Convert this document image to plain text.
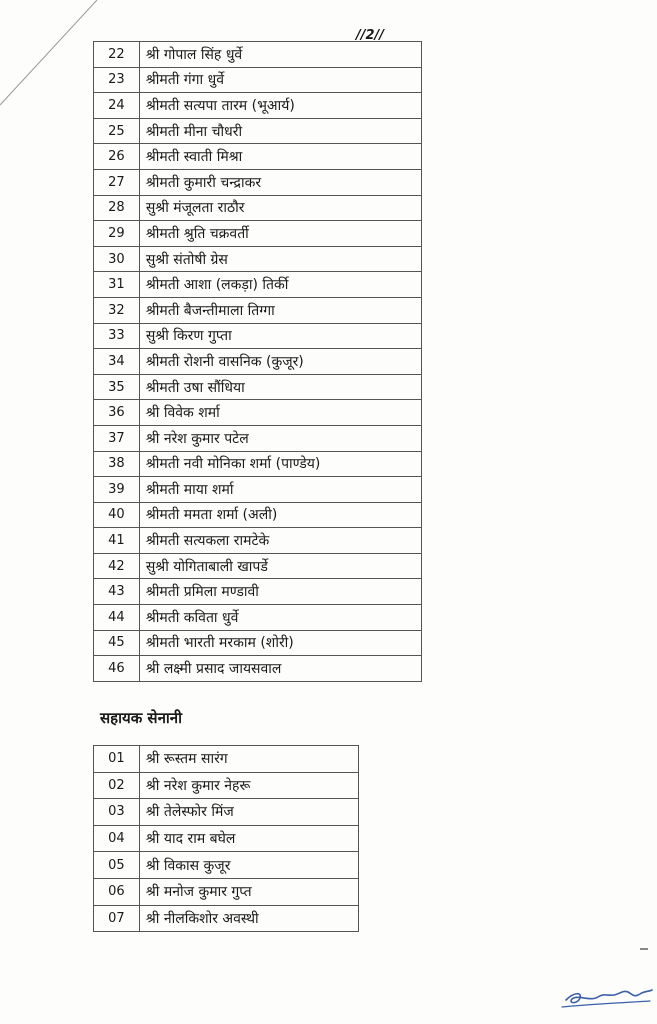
//2//
22	श्री गोपाल सिंह धुर्वे
23	श्रीमती गंगा धुर्वे
24	श्रीमती सत्यपा तारम (भूआर्य)
25	श्रीमती मीना चौधरी
26	श्रीमती स्वाती मिश्रा
27	श्रीमती कुमारी चन्द्राकर
28	सुश्री मंजूलता राठौर
29	श्रीमती श्रुति चक्रवर्ती
30	सुश्री संतोषी ग्रेस
31	श्रीमती आशा (लकड़ा) तिर्की
32	श्रीमती बैजन्तीमाला तिग्गा
33	सुश्री किरण गुप्ता
34	श्रीमती रोशनी वासनिक (कुजूर)
35	श्रीमती उषा सौंधिया
36	श्री विवेक शर्मा
37	श्री नरेश कुमार पटेल
38	श्रीमती नवी मोनिका शर्मा (पाण्डेय)
39	श्रीमती माया शर्मा
40	श्रीमती ममता शर्मा (अली)
41	श्रीमती सत्यकला रामटेके
42	सुश्री योगिताबाली खापर्डे
43	श्रीमती प्रमिला मण्डावी
44	श्रीमती कविता धुर्वे
45	श्रीमती भारती मरकाम (शोरी)
46	श्री लक्ष्मी प्रसाद जायसवाल
सहायक सेनानी
01	श्री रूस्तम सारंग
02	श्री नरेश कुमार नेहरू
03	श्री तेलेस्फोर मिंज
04	श्री याद राम बघेल
05	श्री विकास कुजूर
06	श्री मनोज कुमार गुप्त
07	श्री नीलकिशोर अवस्थी
